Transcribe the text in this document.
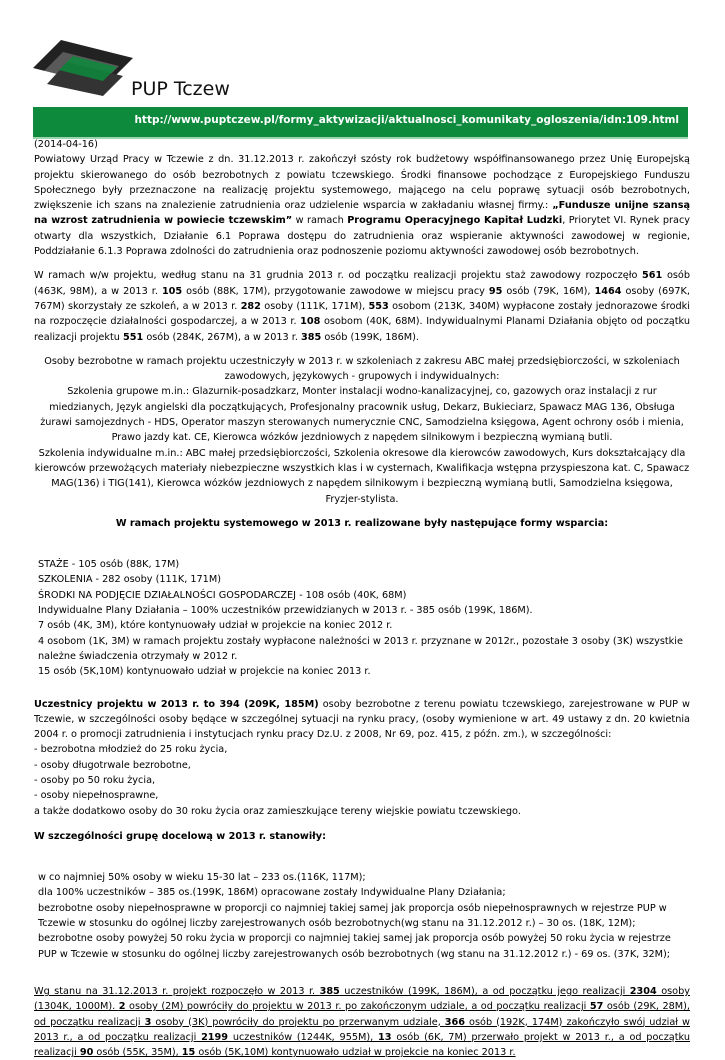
PUP Tczew
http://www.puptczew.pl/formy_aktywizacji/aktualnosci_komunikaty_ogloszenia/idn:109.html

(2014-04-16)

Powiatowy Urząd Pracy w Tczewie z dn. 31.12.2013 r. zakończył szósty rok budżetowy współfinansowanego przez Unię Europejską projektu skierowanego do osób bezrobotnych z powiatu tczewskiego. Środki finansowe pochodzące z Europejskiego Funduszu Społecznego były przeznaczone na realizację projektu systemowego, mającego na celu poprawę sytuacji osób bezrobotnych, zwiększenie ich szans na znalezienie zatrudnienia oraz udzielenie wsparcia w zakładaniu własnej firmy.: „Fundusze unijne szansą na wzrost zatrudnienia w powiecie tczewskim” w ramach Programu Operacyjnego Kapitał Ludzki, Priorytet VI. Rynek pracy otwarty dla wszystkich, Działanie 6.1 Poprawa dostępu do zatrudnienia oraz wspieranie aktywności zawodowej w regionie, Poddziałanie 6.1.3 Poprawa zdolności do zatrudnienia oraz podnoszenie poziomu aktywności zawodowej osób bezrobotnych.

W ramach w/w projektu, według stanu na 31 grudnia 2013 r. od początku realizacji projektu staż zawodowy rozpoczęło 561 osób (463K, 98M), a w 2013 r. 105 osób (88K, 17M), przygotowanie zawodowe w miejscu pracy 95 osób (79K, 16M), 1464 osoby (697K, 767M) skorzystały ze szkoleń, a w 2013 r. 282 osoby (111K, 171M), 553 osobom (213K, 340M) wypłacone zostały jednorazowe środki na rozpoczęcie działalności gospodarczej, a w 2013 r. 108 osobom (40K, 68M). Indywidualnymi Planami Działania objęto od początku realizacji projektu 551 osób (284K, 267M), a w 2013 r. 385 osób (199K, 186M).

Osoby bezrobotne w ramach projektu uczestniczyły w 2013 r. w szkoleniach z zakresu ABC małej przedsiębiorczości, w szkoleniach zawodowych, językowych - grupowych i indywidualnych:

Szkolenia grupowe m.in.: Glazurnik-posadzkarz, Monter instalacji wodno-kanalizacyjnej, co, gazowych oraz instalacji z rur miedzianych, Język angielski dla początkujących, Profesjonalny pracownik usług, Dekarz, Bukieciarz, Spawacz MAG 136, Obsługa żurawi samojezdnych - HDS, Operator maszyn sterowanych numerycznie CNC, Samodzielna księgowa, Agent ochrony osób i mienia, Prawo jazdy kat. CE, Kierowca wózków jezdniowych z napędem silnikowym i bezpieczną wymianą butli.

Szkolenia indywidualne m.in.: ABC małej przedsiębiorczości, Szkolenia okresowe dla kierowców zawodowych, Kurs dokształcający dla kierowców przewożących materiały niebezpieczne wszystkich klas i w cysternach, Kwalifikacja wstępna przyspieszona kat. C, Spawacz MAG(136) i TIG(141), Kierowca wózków jezdniowych z napędem silnikowym i bezpieczną wymianą butli, Samodzielna księgowa, Fryzjer-stylista.

W ramach projektu systemowego w 2013 r. realizowane były następujące formy wsparcia:

STAŻE - 105 osób (88K, 17M)

SZKOLENIA - 282 osoby (111K, 171M)

ŚRODKI NA PODJĘCIE DZIAŁALNOŚCI GOSPODARCZEJ - 108 osób (40K, 68M)

Indywidualne Plany Działania – 100% uczestników przewidzianych w 2013 r. - 385 osób (199K, 186M).

7 osób (4K, 3M), które kontynuowały udział w projekcie na koniec 2012 r.

4 osobom (1K, 3M) w ramach projektu zostały wypłacone należności w 2013 r. przyznane w 2012r., pozostałe 3 osoby (3K) wszystkie należne świadczenia otrzymały w 2012 r.

15 osób (5K,10M) kontynuowało udział w projekcie na koniec 2013 r.

Uczestnicy projektu w 2013 r. to 394 (209K, 185M) osoby bezrobotne z terenu powiatu tczewskiego, zarejestrowane w PUP w Tczewie, w szczególności osoby będące w szczególnej sytuacji na rynku pracy, (osoby wymienione w art. 49 ustawy z dn. 20 kwietnia 2004 r. o promocji zatrudnienia i instytucjach rynku pracy Dz.U. z 2008, Nr 69, poz. 415, z późn. zm.), w szczególności:

- bezrobotna młodzież do 25 roku życia,

- osoby długotrwale bezrobotne,

- osoby po 50 roku życia,

- osoby niepełnosprawne,

a także dodatkowo osoby do 30 roku życia oraz zamieszkujące tereny wiejskie powiatu tczewskiego.

W szczególności grupę docelową w 2013 r. stanowiły:

w co najmniej 50% osoby w wieku 15-30 lat – 233 os.(116K, 117M);

dla 100% uczestników – 385 os.(199K, 186M) opracowane zostały Indywidualne Plany Działania;

bezrobotne osoby niepełnosprawne w proporcji co najmniej takiej samej jak proporcja osób niepełnosprawnych w rejestrze PUP w Tczewie w stosunku do ogólnej liczby zarejestrowanych osób bezrobotnych(wg stanu na 31.12.2012 r.) – 30 os. (18K, 12M);

bezrobotne osoby powyżej 50 roku życia w proporcji co najmniej takiej samej jak proporcja osób powyżej 50 roku życia w rejestrze PUP w Tczewie w stosunku do ogólnej liczby zarejestrowanych osób bezrobotnych (wg stanu na 31.12.2012 r.) - 69 os. (37K, 32M);

Wg stanu na 31.12.2013 r. projekt rozpoczęło w 2013 r. 385 uczestników (199K, 186M), a od początku jego realizacji 2304 osoby (1304K, 1000M). 2 osoby (2M) powróciły do projektu w 2013 r. po zakończonym udziale, a od początku realizacji 57 osób (29K, 28M), od początku realizacji 3 osoby (3K) powróciły do projektu po przerwanym udziale, 366 osób (192K, 174M) zakończyło swój udział w 2013 r., a od początku realizacji 2199 uczestników (1244K, 955M), 13 osób (6K, 7M) przerwało projekt w 2013 r., a od początku realizacji 90 osób (55K, 35M), 15 osób (5K,10M) kontynuowało udział w projekcie na koniec 2013 r.
